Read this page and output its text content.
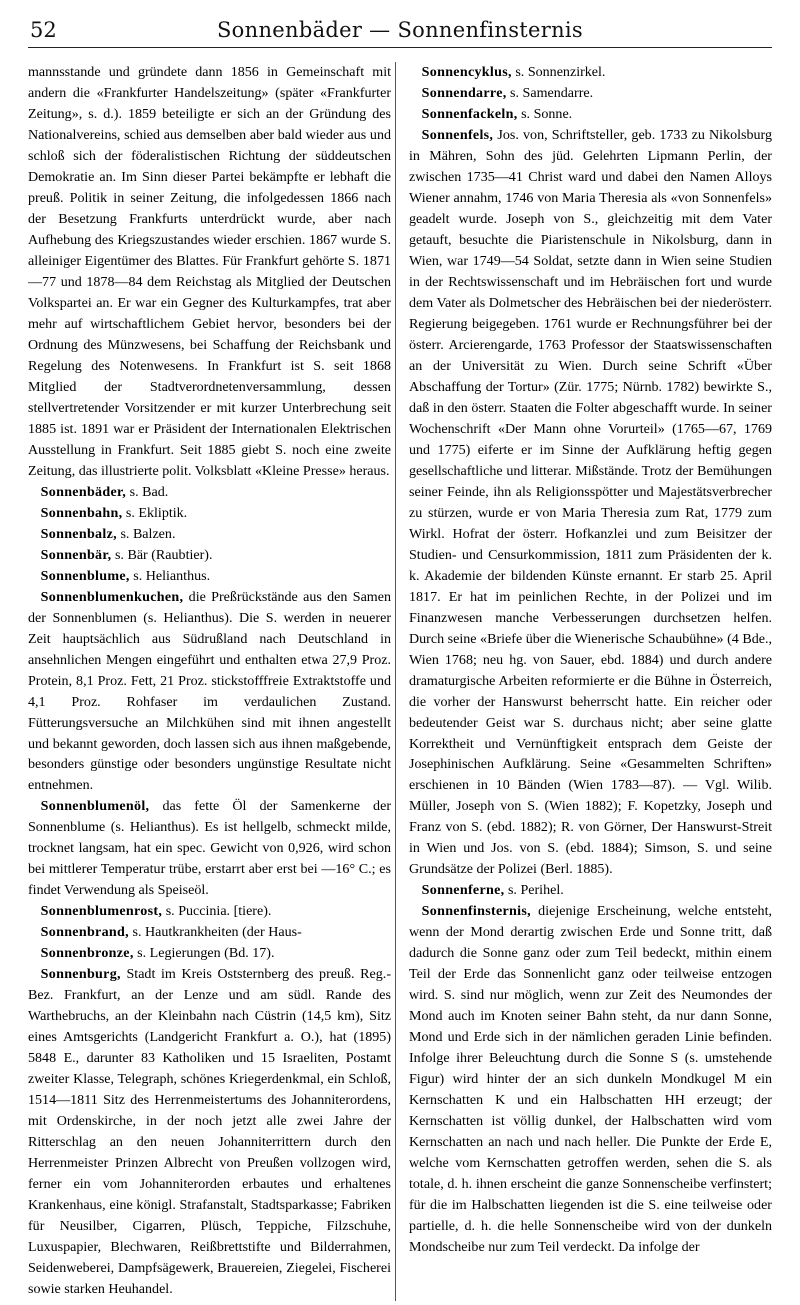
52	Sonnenbäder — Sonnenfinsternis

mannsstande und gründete dann 1856 in Gemeinschaft mit andern die «Frankfurter Handelszeitung» (später «Frankfurter Zeitung», s. d.). 1859 beteiligte er sich an der Gründung des Nationalvereins, schied aus demselben aber bald wieder aus und schloß sich der föderalistischen Richtung der süddeutschen Demokratie an. Im Sinn dieser Partei bekämpfte er lebhaft die preuß. Politik in seiner Zeitung, die infolgedessen 1866 nach der Besetzung Frankfurts unterdrückt wurde, aber nach Aufhebung des Kriegszustandes wieder erschien. 1867 wurde S. alleiniger Eigentümer des Blattes. Für Frankfurt gehörte S. 1871—77 und 1878—84 dem Reichstag als Mitglied der Deutschen Volkspartei an. Er war ein Gegner des Kulturkampfes, trat aber mehr auf wirtschaftlichem Gebiet hervor, besonders bei der Ordnung des Münzwesens, bei Schaffung der Reichsbank und Regelung des Notenwesens. In Frankfurt ist S. seit 1868 Mitglied der Stadtverordnetenversammlung, dessen stellvertretender Vorsitzender er mit kurzer Unterbrechung seit 1885 ist. 1891 war er Präsident der Internationalen Elektrischen Ausstellung in Frankfurt. Seit 1885 giebt S. noch eine zweite Zeitung, das illustrierte polit. Volksblatt «Kleine Presse» heraus.

Sonnenbäder, s. Bad.

Sonnenbahn, s. Ekliptik.

Sonnenbalz, s. Balzen.

Sonnenbär, s. Bär (Raubtier).

Sonnenblume, s. Helianthus.

Sonnenblumenkuchen, die Preßrückstände aus den Samen der Sonnenblumen (s. Helianthus). Die S. werden in neuerer Zeit hauptsächlich aus Südrußland nach Deutschland in ansehnlichen Mengen eingeführt und enthalten etwa 27,9 Proz. Protein, 8,1 Proz. Fett, 21 Proz. stickstofffreie Extraktstoffe und 4,1 Proz. Rohfaser im verdaulichen Zustand. Fütterungsversuche an Milchkühen sind mit ihnen angestellt und bekannt geworden, doch lassen sich aus ihnen maßgebende, besonders günstige oder besonders ungünstige Resultate nicht entnehmen.

Sonnenblumenöl, das fette Öl der Samenkerne der Sonnenblume (s. Helianthus). Es ist hellgelb, schmeckt milde, trocknet langsam, hat ein spec. Gewicht von 0,926, wird schon bei mittlerer Temperatur trübe, erstarrt aber erst bei —16° C.; es findet Verwendung als Speiseöl.

Sonnenblumenrost, s. Puccinia. [tiere).

Sonnenbrand, s. Hautkrankheiten (der Haus-

Sonnenbronze, s. Legierungen (Bd. 17).

Sonnenburg, Stadt im Kreis Oststernberg des preuß. Reg.-Bez. Frankfurt, an der Lenze und am südl. Rande des Warthebruchs, an der Kleinbahn nach Cüstrin (14,5 km), Sitz eines Amtsgerichts (Landgericht Frankfurt a. O.), hat (1895) 5848 E., darunter 83 Katholiken und 15 Israeliten, Postamt zweiter Klasse, Telegraph, schönes Kriegerdenkmal, ein Schloß, 1514—1811 Sitz des Herrenmeistertums des Johanniterordens, mit Ordenskirche, in der noch jetzt alle zwei Jahre der Ritterschlag an den neuen Johanniterrittern durch den Herrenmeister Prinzen Albrecht von Preußen vollzogen wird, ferner ein vom Johanniterorden erbautes und erhaltenes Krankenhaus, eine königl. Strafanstalt, Stadtsparkasse; Fabriken für Neusilber, Cigarren, Plüsch, Teppiche, Filzschuhe, Luxuspapier, Blechwaren, Reißbrettstifte und Bilderrahmen, Seidenweberei, Dampfsägewerk, Brauereien, Ziegelei, Fischerei sowie starken Heuhandel.

Sonnencyklus, s. Sonnenzirkel.

Sonnendarre, s. Samendarre.

Sonnenfackeln, s. Sonne.

Sonnenfels, Jos. von, Schriftsteller, geb. 1733 zu Nikolsburg in Mähren, Sohn des jüd. Gelehrten Lipmann Perlin, der zwischen 1735—41 Christ ward und dabei den Namen Alloys Wiener annahm, 1746 von Maria Theresia als «von Sonnenfels» geadelt wurde. Joseph von S., gleichzeitig mit dem Vater getauft, besuchte die Piaristenschule in Nikolsburg, dann in Wien, war 1749—54 Soldat, setzte dann in Wien seine Studien in der Rechtswissenschaft und im Hebräischen fort und wurde dem Vater als Dolmetscher des Hebräischen bei der niederösterr. Regierung beigegeben. 1761 wurde er Rechnungsführer bei der österr. Arcierengarde, 1763 Professor der Staatswissenschaften an der Universität zu Wien. Durch seine Schrift «Über Abschaffung der Tortur» (Zür. 1775; Nürnb. 1782) bewirkte S., daß in den österr. Staaten die Folter abgeschafft wurde. In seiner Wochenschrift «Der Mann ohne Vorurteil» (1765—67, 1769 und 1775) eiferte er im Sinne der Aufklärung heftig gegen gesellschaftliche und litterar. Mißstände. Trotz der Bemühungen seiner Feinde, ihn als Religionsspötter und Majestätsverbrecher zu stürzen, wurde er von Maria Theresia zum Rat, 1779 zum Wirkl. Hofrat der österr. Hofkanzlei und zum Beisitzer der Studien- und Censurkommission, 1811 zum Präsidenten der k. k. Akademie der bildenden Künste ernannt. Er starb 25. April 1817. Er hat im peinlichen Rechte, in der Polizei und im Finanzwesen manche Verbesserungen durchsetzen helfen. Durch seine «Briefe über die Wienerische Schaubühne» (4 Bde., Wien 1768; neu hg. von Sauer, ebd. 1884) und durch andere dramaturgische Arbeiten reformierte er die Bühne in Österreich, die vorher der Hanswurst beherrscht hatte. Ein reicher oder bedeutender Geist war S. durchaus nicht; aber seine glatte Korrektheit und Vernünftigkeit entsprach dem Geiste der Josephinischen Aufklärung. Seine «Gesammelten Schriften» erschienen in 10 Bänden (Wien 1783—87). — Vgl. Wilib. Müller, Joseph von S. (Wien 1882); F. Kopetzky, Joseph und Franz von S. (ebd. 1882); R. von Görner, Der Hanswurst-Streit in Wien und Jos. von S. (ebd. 1884); Simson, S. und seine Grundsätze der Polizei (Berl. 1885).

Sonnenferne, s. Perihel.

Sonnenfinsternis, diejenige Erscheinung, welche entsteht, wenn der Mond derartig zwischen Erde und Sonne tritt, daß dadurch die Sonne ganz oder zum Teil bedeckt, mithin einem Teil der Erde das Sonnenlicht ganz oder teilweise entzogen wird. S. sind nur möglich, wenn zur Zeit des Neumondes der Mond auch im Knoten seiner Bahn steht, da nur dann Sonne, Mond und Erde sich in der nämlichen geraden Linie befinden. Infolge ihrer Beleuchtung durch die Sonne S (s. umstehende Figur) wird hinter der an sich dunkeln Mondkugel M ein Kernschatten K und ein Halbschatten HH erzeugt; der Kernschatten ist völlig dunkel, der Halbschatten wird vom Kernschatten an nach und nach heller. Die Punkte der Erde E, welche vom Kernschatten getroffen werden, sehen die S. als totale, d. h. ihnen erscheint die ganze Sonnenscheibe verfinstert; für die im Halbschatten liegenden ist die S. eine teilweise oder partielle, d. h. die helle Sonnenscheibe wird von der dunkeln Mondscheibe nur zum Teil verdeckt. Da infolge der
